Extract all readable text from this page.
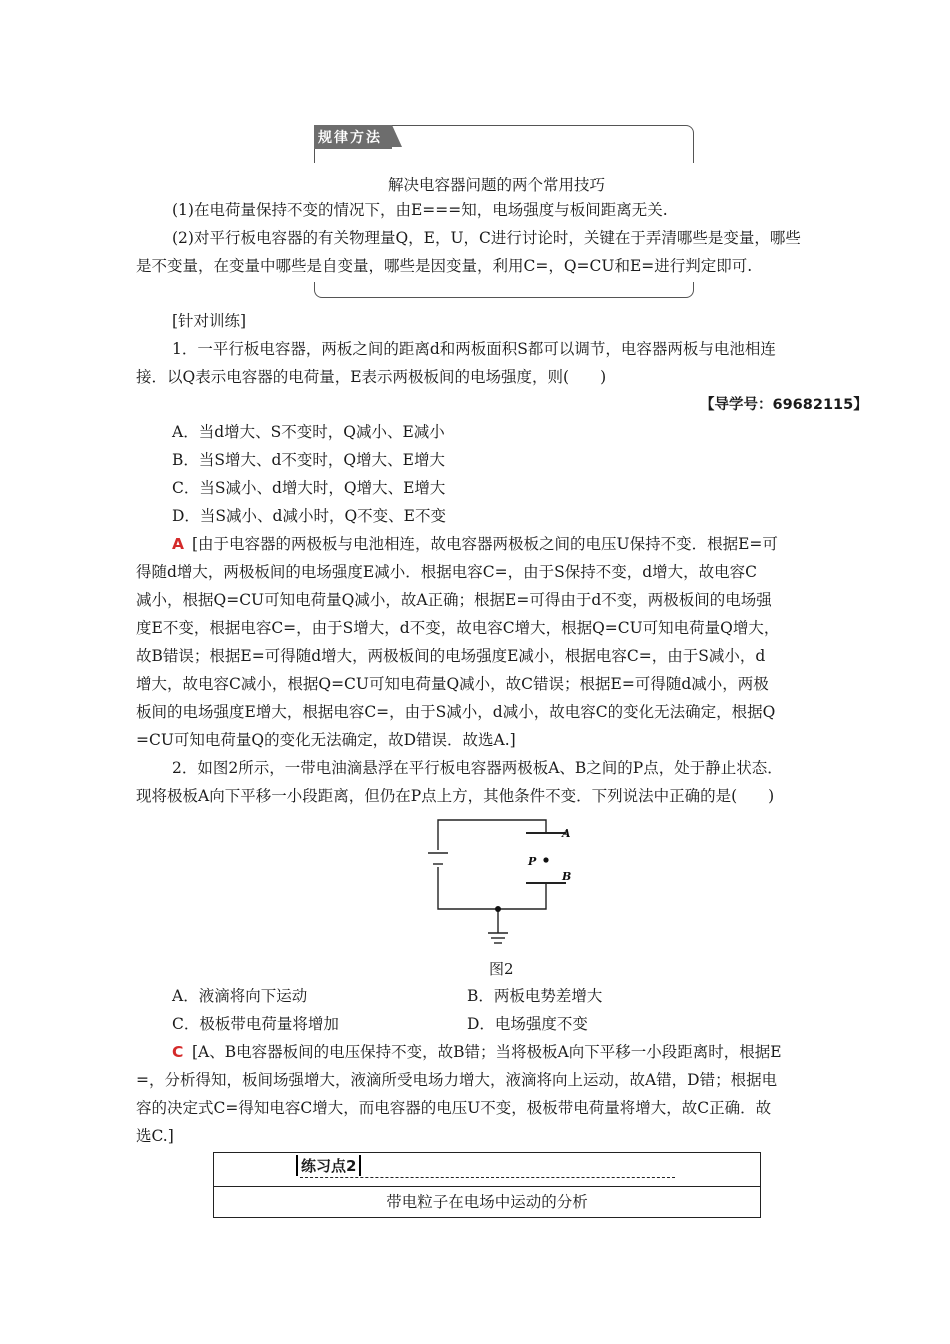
规律方法
解决电容器问题的两个常用技巧
(1)在电荷量保持不变的情况下，由E===知，电场强度与板间距离无关.
(2)对平行板电容器的有关物理量Q，E，U，C进行讨论时，关键在于弄清哪些是变量，哪些
是不变量，在变量中哪些是自变量，哪些是因变量，利用C=，Q=CU和E=进行判定即可.
[针对训练]
1．一平行板电容器，两板之间的距离d和两板面积S都可以调节，电容器两板与电池相连
接．以Q表示电容器的电荷量，E表示两极板间的电场强度，则(　　)
【导学号：69682115】
A．当d增大、S不变时，Q减小、E减小
B．当S增大、d不变时，Q增大、E增大
C．当S减小、d增大时，Q增大、E增大
D．当S减小、d减小时，Q不变、E不变
A [由于电容器的两极板与电池相连，故电容器两极板之间的电压U保持不变．根据E=可
得随d增大，两极板间的电场强度E减小．根据电容C=，由于S保持不变，d增大，故电容C
减小，根据Q=CU可知电荷量Q减小，故A正确；根据E=可得由于d不变，两极板间的电场强
度E不变，根据电容C=，由于S增大，d不变，故电容C增大，根据Q=CU可知电荷量Q增大，
故B错误；根据E=可得随d增大，两极板间的电场强度E减小，根据电容C=，由于S减小，d
增大，故电容C减小，根据Q=CU可知电荷量Q减小，故C错误；根据E=可得随d减小，两极
板间的电场强度E增大，根据电容C=，由于S减小，d减小，故电容C的变化无法确定，根据Q
=CU可知电荷量Q的变化无法确定，故D错误．故选A.]
2．如图2所示，一带电油滴悬浮在平行板电容器两极板A、B之间的P点，处于静止状态．
现将极板A向下平移一小段距离，但仍在P点上方，其他条件不变．下列说法中正确的是(　　)
A
P
B
图2
A．液滴将向下运动	B．两板电势差增大
C．极板带电荷量将增加	D．电场强度不变
C [A、B电容器板间的电压保持不变，故B错；当将极板A向下平移一小段距离时，根据E
=，分析得知，板间场强增大，液滴所受电场力增大，液滴将向上运动，故A错，D错；根据电
容的决定式C=得知电容C增大，而电容器的电压U不变，极板带电荷量将增大，故C正确．故
选C.]
练习点2
带电粒子在电场中运动的分析
